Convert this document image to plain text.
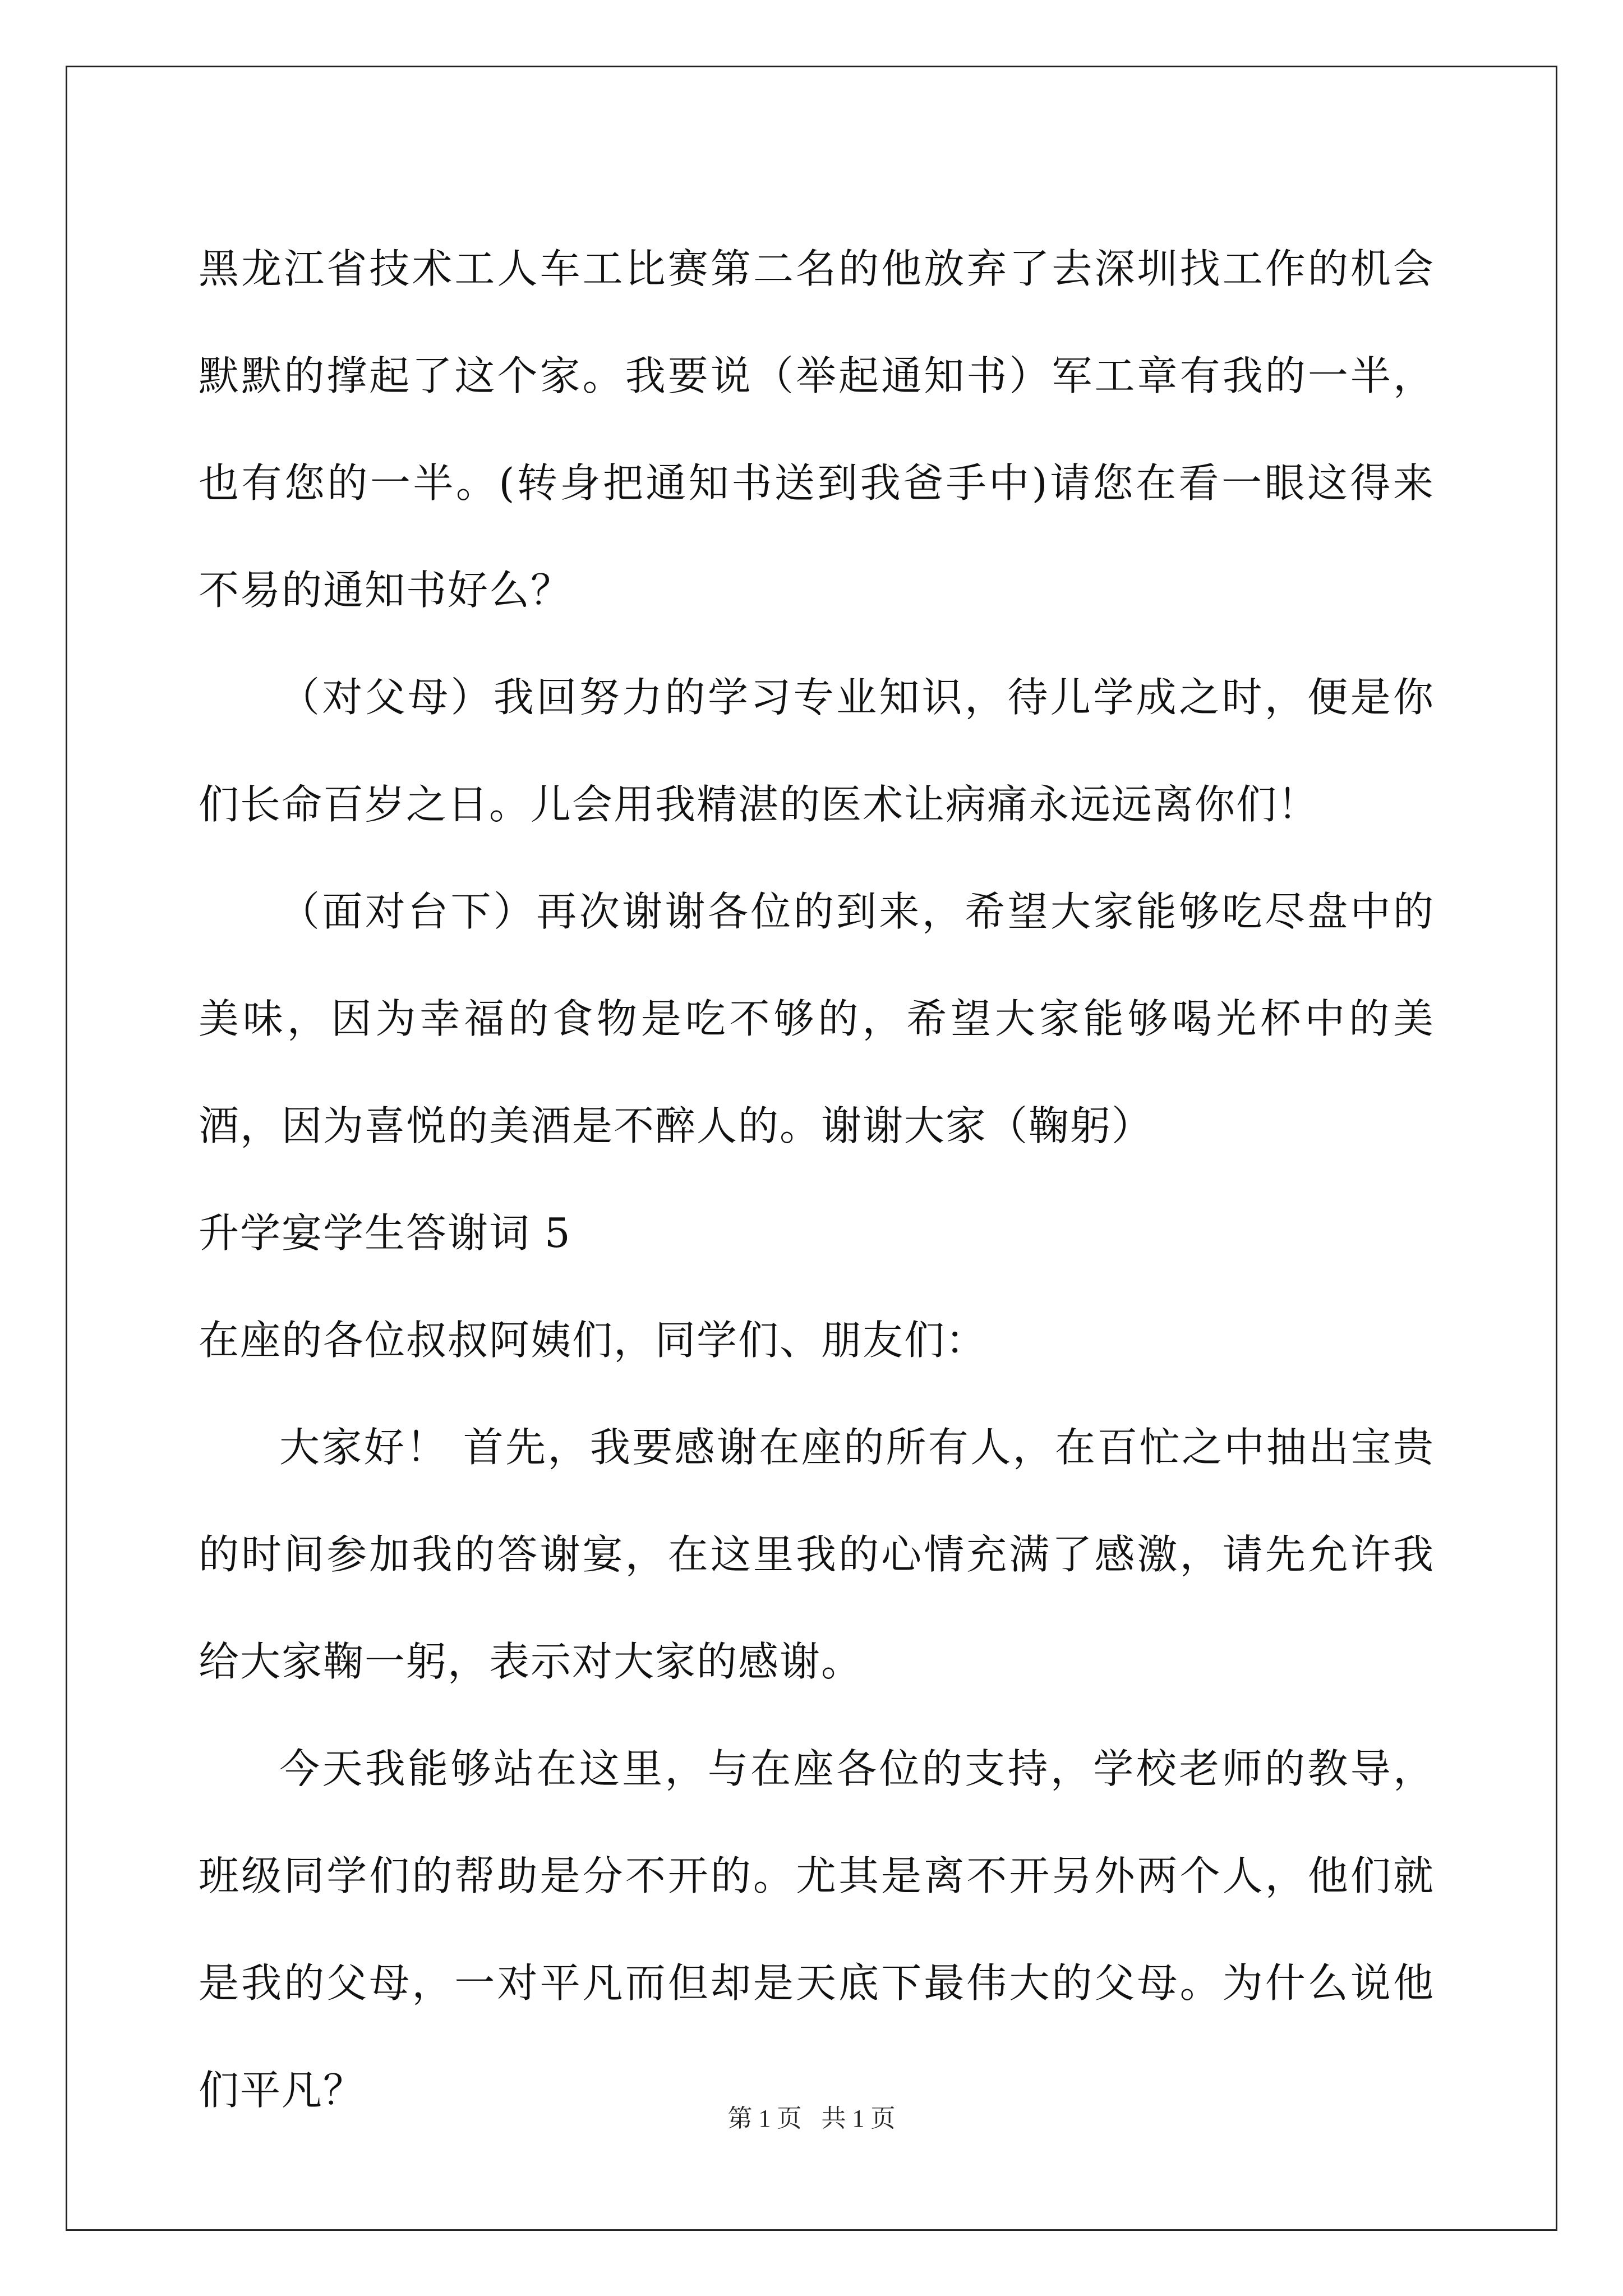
黑龙江省技术工人车工比赛第二名的他放弃了去深圳找工作的机会默默的撑起了这个家。我要说（举起通知书）军工章有我的一半，也有您的一半。(转身把通知书送到我爸手中)请您在看一眼这得来不易的通知书好么？

（对父母）我回努力的学习专业知识，待儿学成之时，便是你们长命百岁之日。儿会用我精湛的医术让病痛永远远离你们！

（面对台下）再次谢谢各位的到来，希望大家能够吃尽盘中的美味，因为幸福的食物是吃不够的，希望大家能够喝光杯中的美酒，因为喜悦的美酒是不醉人的。谢谢大家（鞠躬）

升学宴学生答谢词 5

在座的各位叔叔阿姨们，同学们、朋友们：

大家好！ 首先，我要感谢在座的所有人，在百忙之中抽出宝贵的时间参加我的答谢宴，在这里我的心情充满了感激，请先允许我给大家鞠一躬，表示对大家的感谢。

今天我能够站在这里，与在座各位的支持，学校老师的教导，班级同学们的帮助是分不开的。尤其是离不开另外两个人，他们就是我的父母，一对平凡而但却是天底下最伟大的父母。为什么说他们平凡？

第 1 页 共 1 页
